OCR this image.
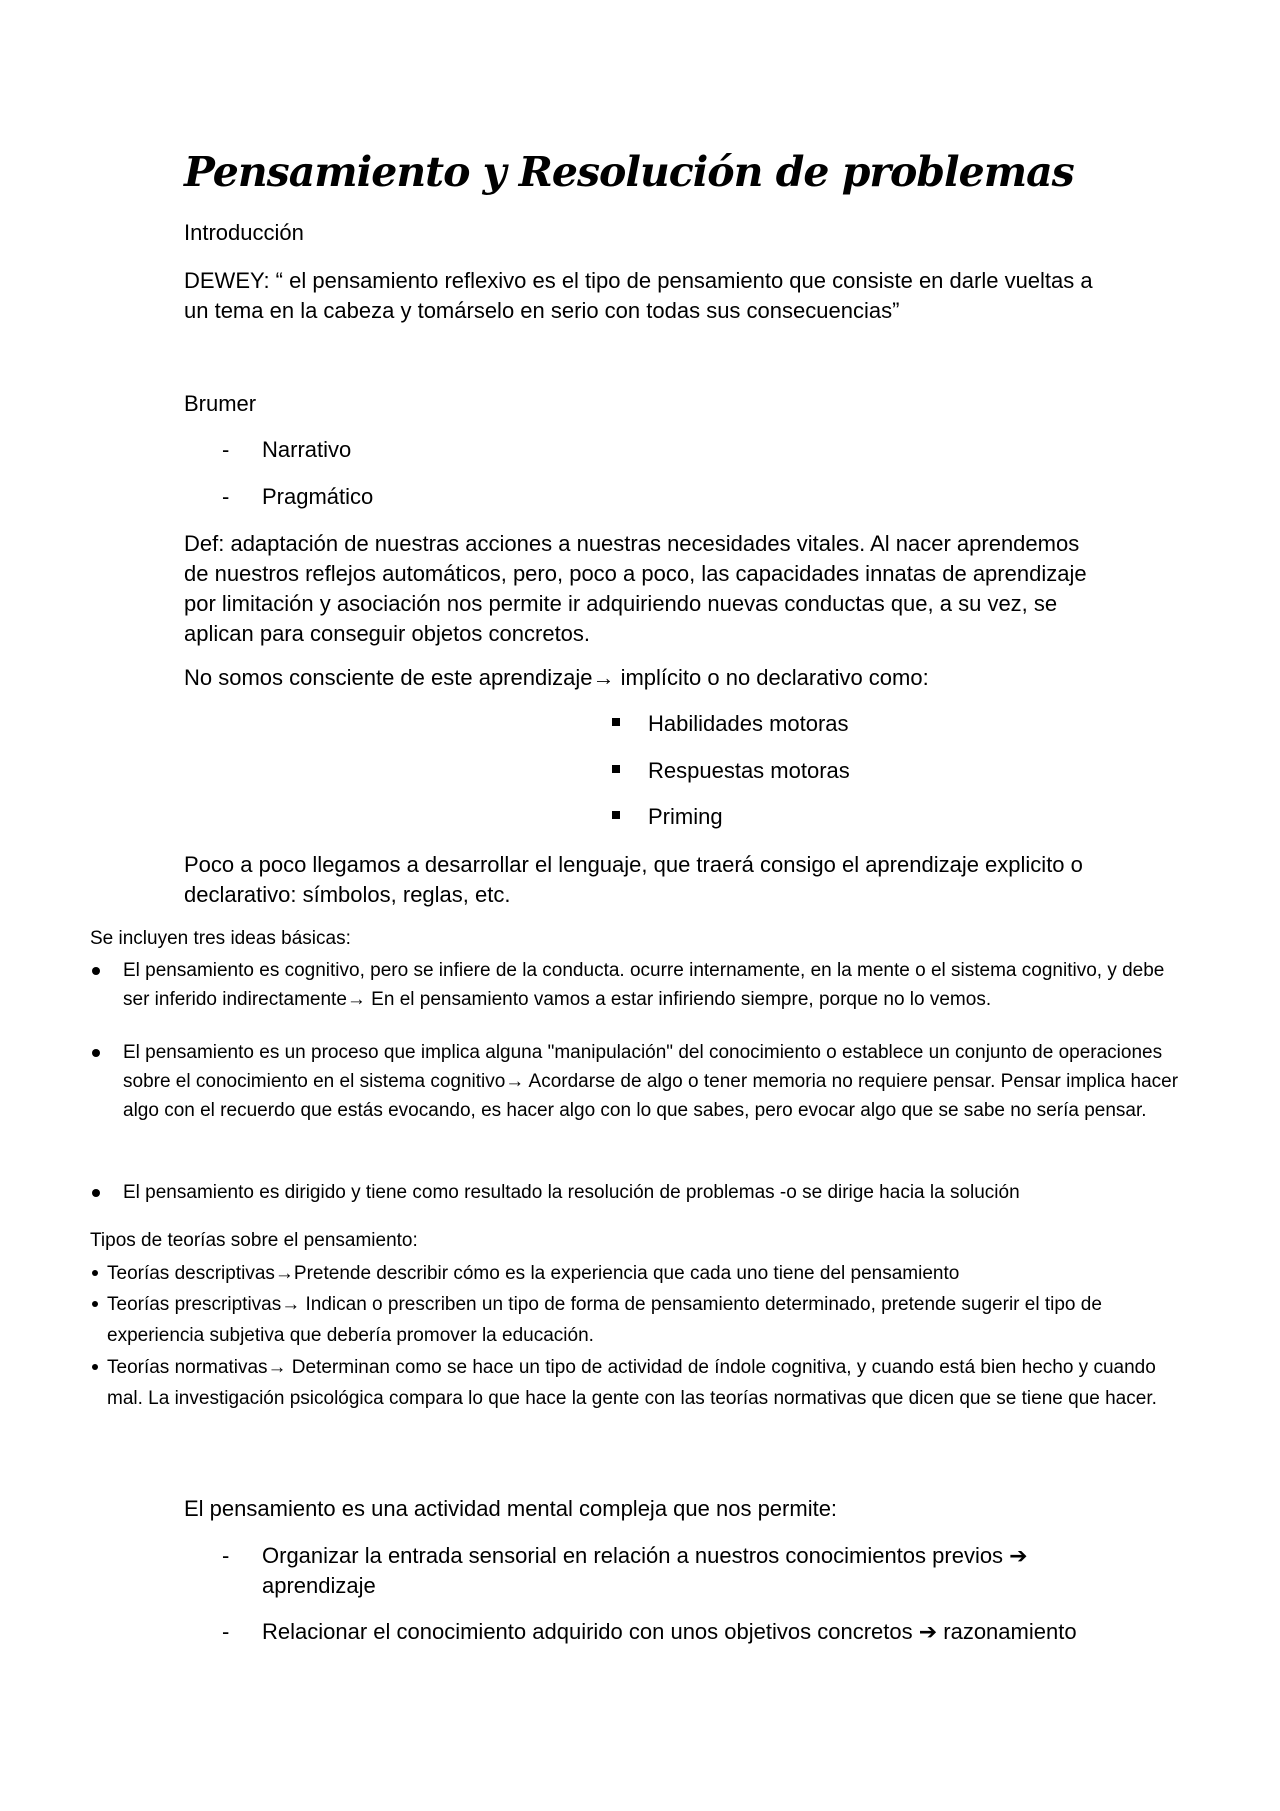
Pensamiento y Resolución de problemas

Introducción

DEWEY: “ el pensamiento reflexivo es el tipo de pensamiento que consiste en darle vueltas a un tema en la cabeza y tomárselo en serio con todas sus consecuencias”

Brumer

- Narrativo
- Pragmático

Def: adaptación de nuestras acciones a nuestras necesidades vitales. Al nacer aprendemos de nuestros reflejos automáticos, pero, poco a poco, las capacidades innatas de aprendizaje por limitación y asociación nos permite ir adquiriendo nuevas conductas que, a su vez, se aplican para conseguir objetos concretos.

No somos consciente de este aprendizaje→ implícito o no declarativo como:

Habilidades motoras
Respuestas motoras
Priming

Poco a poco llegamos a desarrollar el lenguaje, que traerá consigo el aprendizaje explicito o declarativo: símbolos, reglas, etc.

Se incluyen tres ideas básicas:

El pensamiento es cognitivo, pero se infiere de la conducta. ocurre internamente, en la mente o el sistema cognitivo, y debe ser inferido indirectamente→ En el pensamiento vamos a estar infiriendo siempre, porque no lo vemos.
El pensamiento es un proceso que implica alguna "manipulación" del conocimiento o establece un conjunto de operaciones sobre el conocimiento en el sistema cognitivo→ Acordarse de algo o tener memoria no requiere pensar. Pensar implica hacer algo con el recuerdo que estás evocando, es hacer algo con lo que sabes, pero evocar algo que se sabe no sería pensar.
El pensamiento es dirigido y tiene como resultado la resolución de problemas -o se dirige hacia la solución

Tipos de teorías sobre el pensamiento:

Teorías descriptivas→Pretende describir cómo es la experiencia que cada uno tiene del pensamiento
Teorías prescriptivas→ Indican o prescriben un tipo de forma de pensamiento determinado, pretende sugerir el tipo de experiencia subjetiva que debería promover la educación.
Teorías normativas→ Determinan como se hace un tipo de actividad de índole cognitiva, y cuando está bien hecho y cuando mal. La investigación psicológica compara lo que hace la gente con las teorías normativas que dicen que se tiene que hacer.

El pensamiento es una actividad mental compleja que nos permite:

- Organizar la entrada sensorial en relación a nuestros conocimientos previos ➔ aprendizaje
- Relacionar el conocimiento adquirido con unos objetivos concretos ➔ razonamiento
